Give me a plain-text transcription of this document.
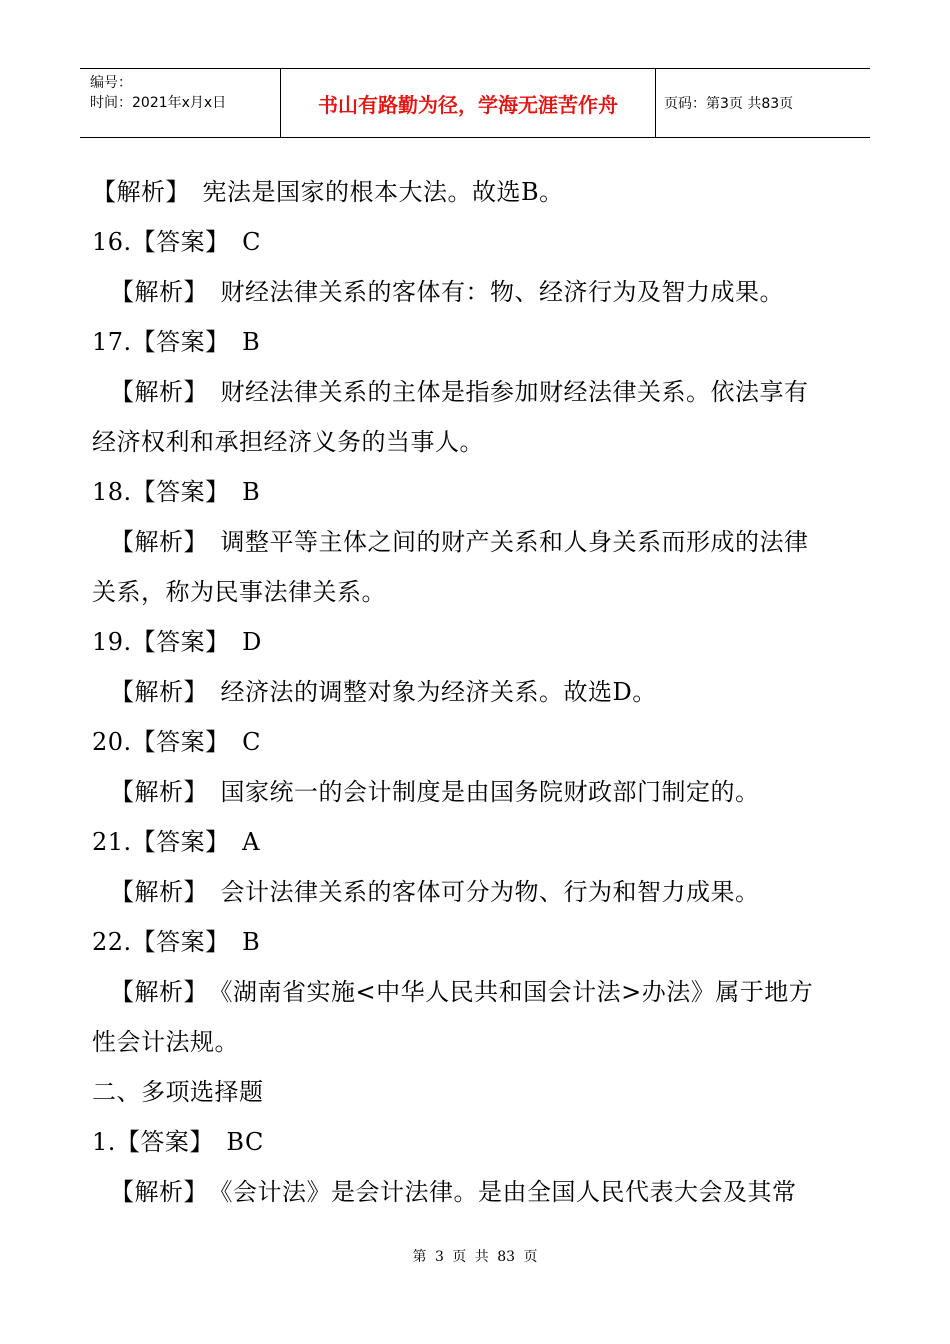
编号：
时间：2021年x月x日	书山有路勤为径，学海无涯苦作舟	页码：第3页 共83页
【解析】　宪法是国家的根本大法。故选B。
16.【答案】　C
【解析】　财经法律关系的客体有：物、经济行为及智力成果。
17.【答案】　B
【解析】　财经法律关系的主体是指参加财经法律关系。依法享有
经济权利和承担经济义务的当事人。
18.【答案】　B
【解析】　调整平等主体之间的财产关系和人身关系而形成的法律
关系，称为民事法律关系。
19.【答案】　D
【解析】　经济法的调整对象为经济关系。故选D。
20.【答案】　C
【解析】　国家统一的会计制度是由国务院财政部门制定的。
21.【答案】　A
【解析】　会计法律关系的客体可分为物、行为和智力成果。
22.【答案】　B
【解析】　《湖南省实施<中华人民共和国会计法>办法》属于地方
性会计法规。
二、多项选择题
1.【答案】　BC
【解析】　《会计法》是会计法律。是由全国人民代表大会及其常
第 3 页 共 83 页
